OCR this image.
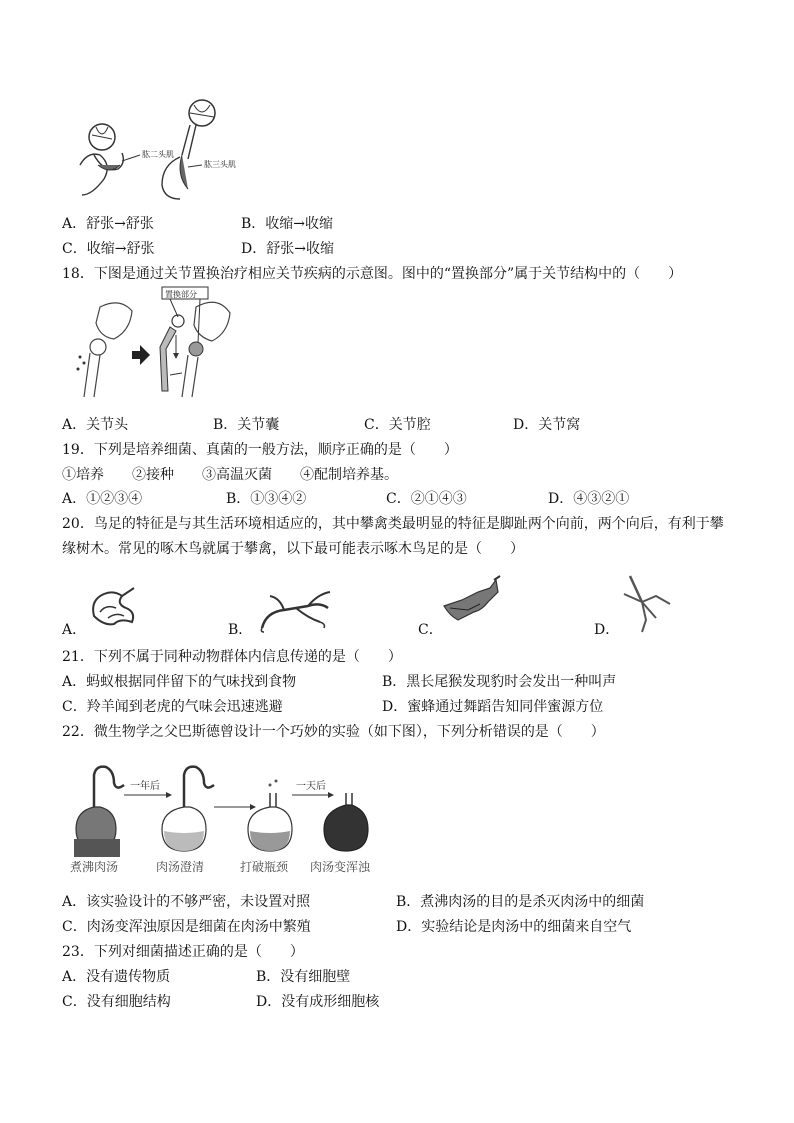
肱二头肌
肱三头肌
A．舒张→舒张	B．收缩→收缩
C．收缩→舒张	D．舒张→收缩
18．下图是通过关节置换治疗相应关节疾病的示意图。图中的“置换部分”属于关节结构中的（　　）
置换部分
A．关节头	B．关节囊	C．关节腔	D．关节窝
19．下列是培养细菌、真菌的一般方法，顺序正确的是（　　）
①培养　　②接种　　③高温灭菌　　④配制培养基。
A．①②③④	B．①③④②	C．②①④③	D．④③②①
20．鸟足的特征是与其生活环境相适应的，其中攀禽类最明显的特征是脚趾两个向前，两个向后，有利于攀
缘树木。常见的啄木鸟就属于攀禽，以下最可能表示啄木鸟足的是（　　）
A．	B．	C．	D．
21．下列不属于同种动物群体内信息传递的是（　　）
A．蚂蚁根据同伴留下的气味找到食物	B．黑长尾猴发现豹时会发出一种叫声
C．羚羊闻到老虎的气味会迅速逃避	D．蜜蜂通过舞蹈告知同伴蜜源方位
22．微生物学之父巴斯德曾设计一个巧妙的实验（如下图），下列分析错误的是（　　）
一年后	一天后
煮沸肉汤	肉汤澄清	打破瓶颈 肉汤变浑浊
A．该实验设计的不够严密，未设置对照	B．煮沸肉汤的目的是杀灭肉汤中的细菌
C．肉汤变浑浊原因是细菌在肉汤中繁殖	D．实验结论是肉汤中的细菌来自空气
23．下列对细菌描述正确的是（　　）
A．没有遗传物质	B．没有细胞壁
C．没有细胞结构	D．没有成形细胞核
